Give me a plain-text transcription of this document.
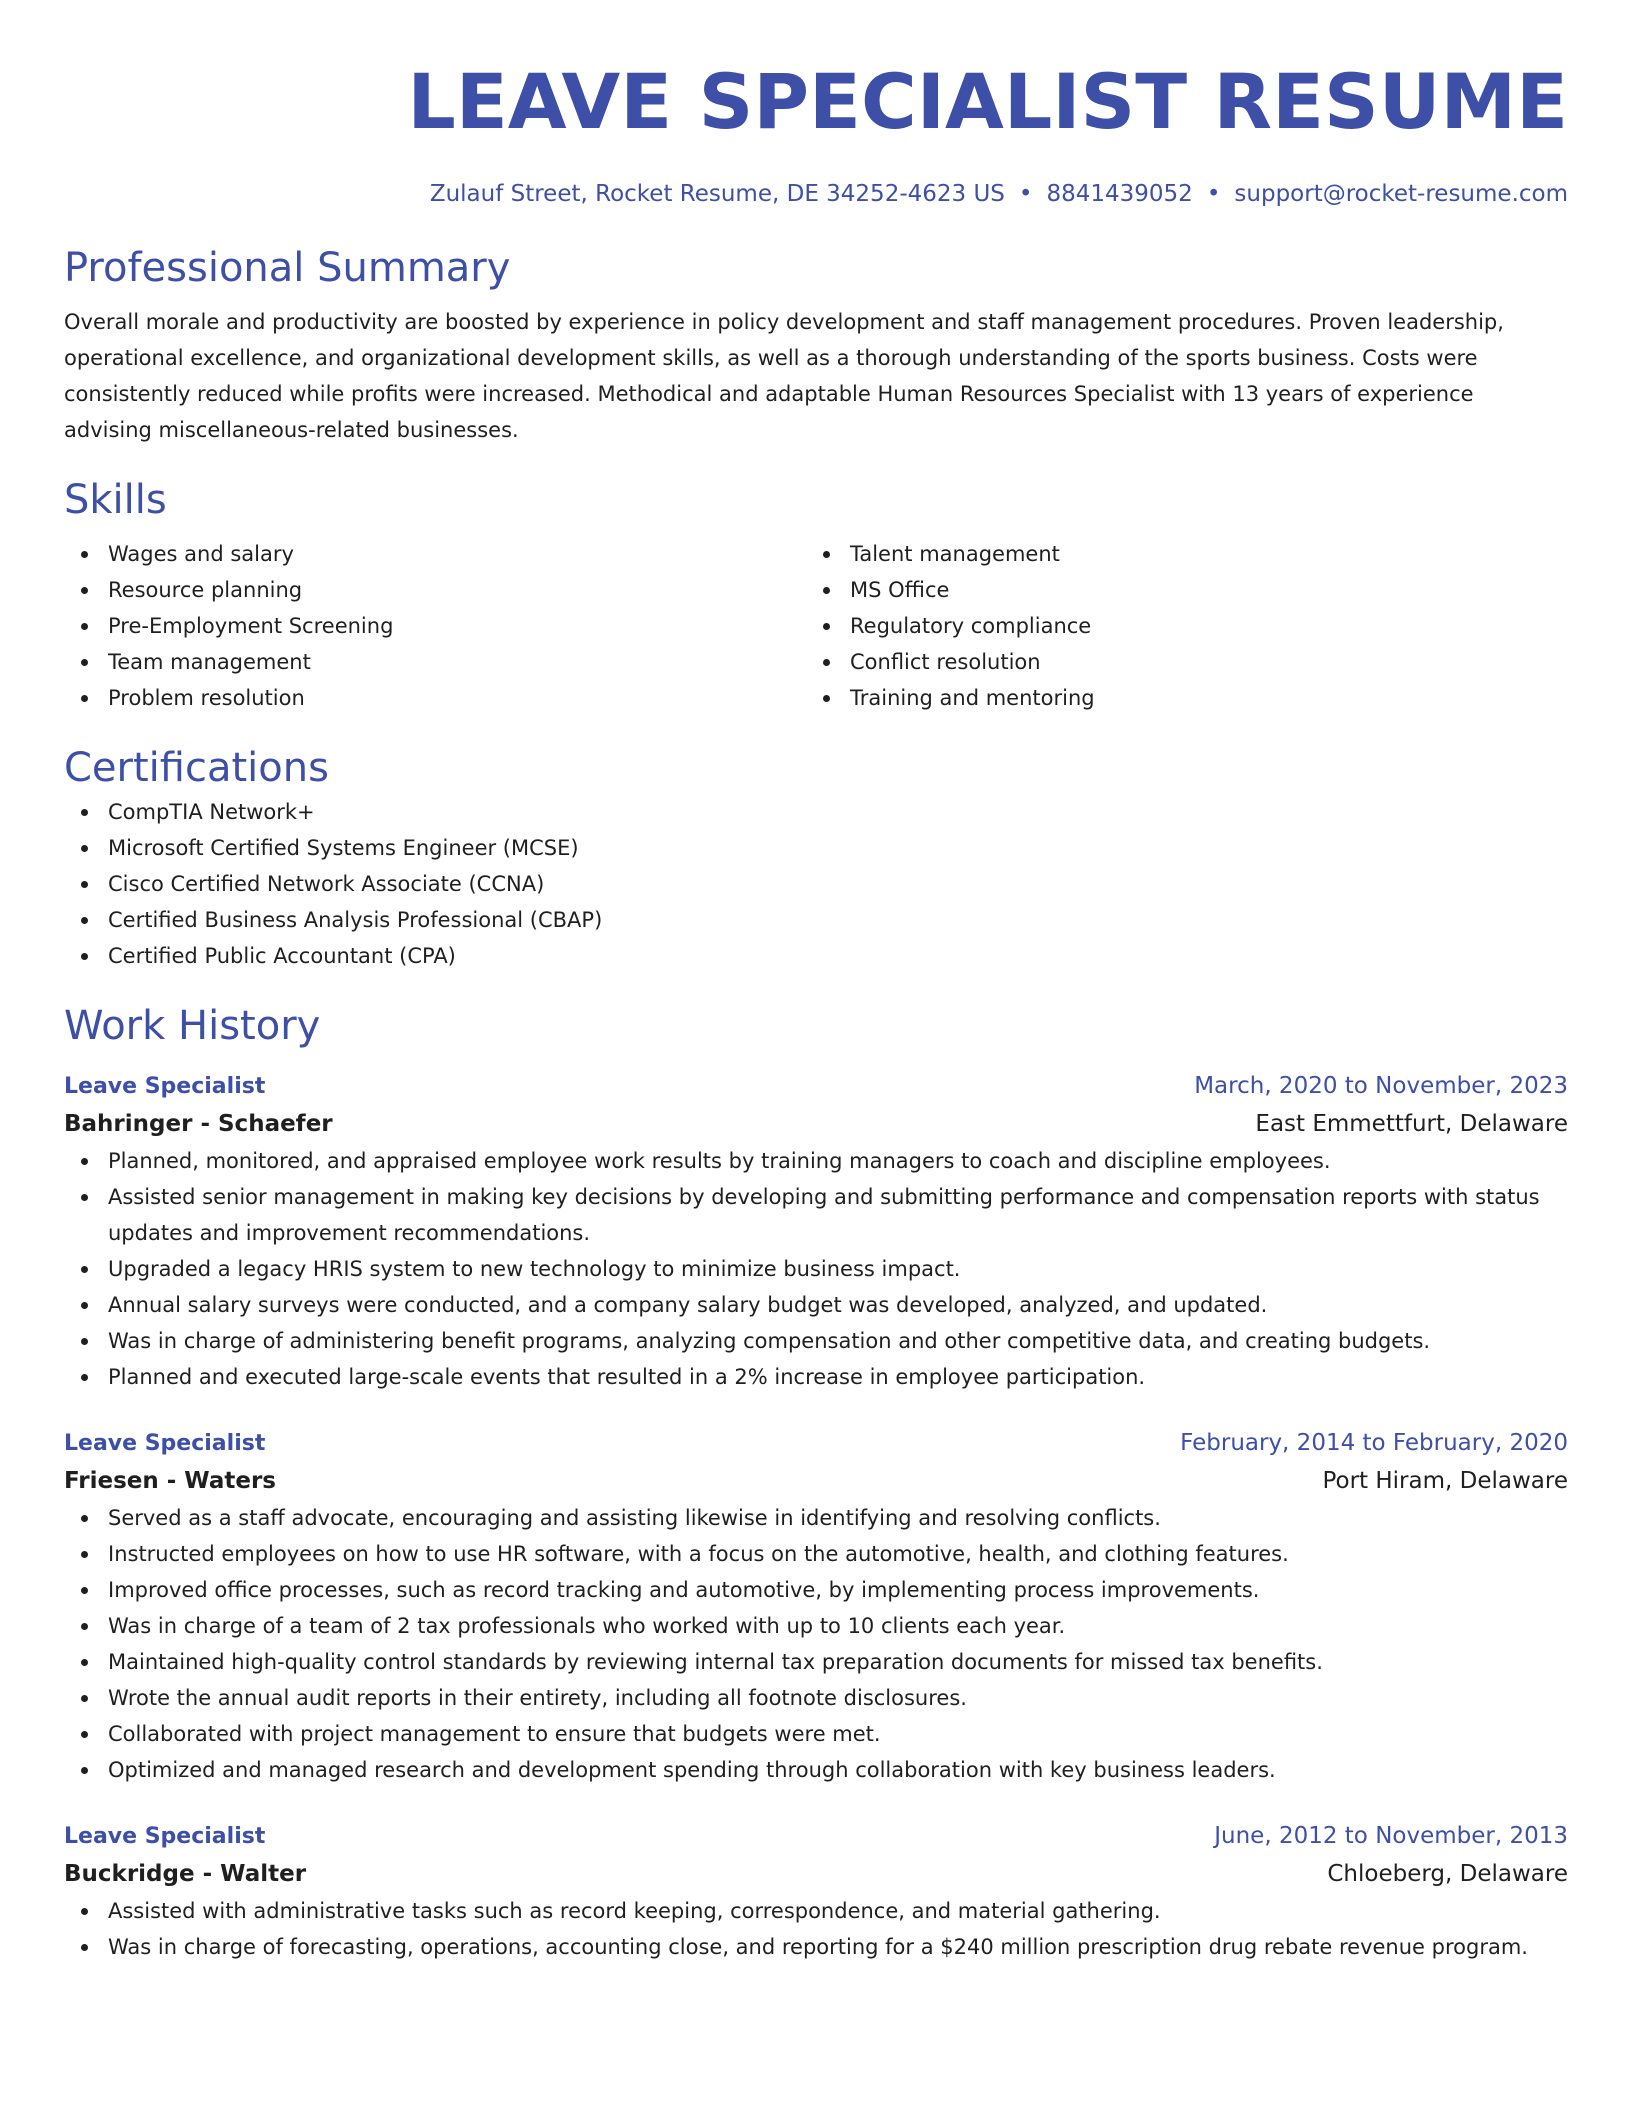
LEAVE SPECIALIST RESUME
Zulauf Street, Rocket Resume, DE 34252-4623 US • 8841439052 • support@rocket-resume.com
Professional Summary
Overall morale and productivity are boosted by experience in policy development and staff management procedures. Proven leadership, operational excellence, and organizational development skills, as well as a thorough understanding of the sports business. Costs were consistently reduced while profits were increased. Methodical and adaptable Human Resources Specialist with 13 years of experience advising miscellaneous-related businesses.
Skills
Wages and salary
Resource planning
Pre-Employment Screening
Team management
Problem resolution
Talent management
MS Office
Regulatory compliance
Conflict resolution
Training and mentoring
Certifications
CompTIA Network+
Microsoft Certified Systems Engineer (MCSE)
Cisco Certified Network Associate (CCNA)
Certified Business Analysis Professional (CBAP)
Certified Public Accountant (CPA)
Work History
Leave Specialist	March, 2020 to November, 2023
Bahringer - Schaefer	East Emmettfurt, Delaware
Planned, monitored, and appraised employee work results by training managers to coach and discipline employees.
Assisted senior management in making key decisions by developing and submitting performance and compensation reports with status updates and improvement recommendations.
Upgraded a legacy HRIS system to new technology to minimize business impact.
Annual salary surveys were conducted, and a company salary budget was developed, analyzed, and updated.
Was in charge of administering benefit programs, analyzing compensation and other competitive data, and creating budgets.
Planned and executed large-scale events that resulted in a 2% increase in employee participation.
Leave Specialist	February, 2014 to February, 2020
Friesen - Waters	Port Hiram, Delaware
Served as a staff advocate, encouraging and assisting likewise in identifying and resolving conflicts.
Instructed employees on how to use HR software, with a focus on the automotive, health, and clothing features.
Improved office processes, such as record tracking and automotive, by implementing process improvements.
Was in charge of a team of 2 tax professionals who worked with up to 10 clients each year.
Maintained high-quality control standards by reviewing internal tax preparation documents for missed tax benefits.
Wrote the annual audit reports in their entirety, including all footnote disclosures.
Collaborated with project management to ensure that budgets were met.
Optimized and managed research and development spending through collaboration with key business leaders.
Leave Specialist	June, 2012 to November, 2013
Buckridge - Walter	Chloeberg, Delaware
Assisted with administrative tasks such as record keeping, correspondence, and material gathering.
Was in charge of forecasting, operations, accounting close, and reporting for a $240 million prescription drug rebate revenue program.
